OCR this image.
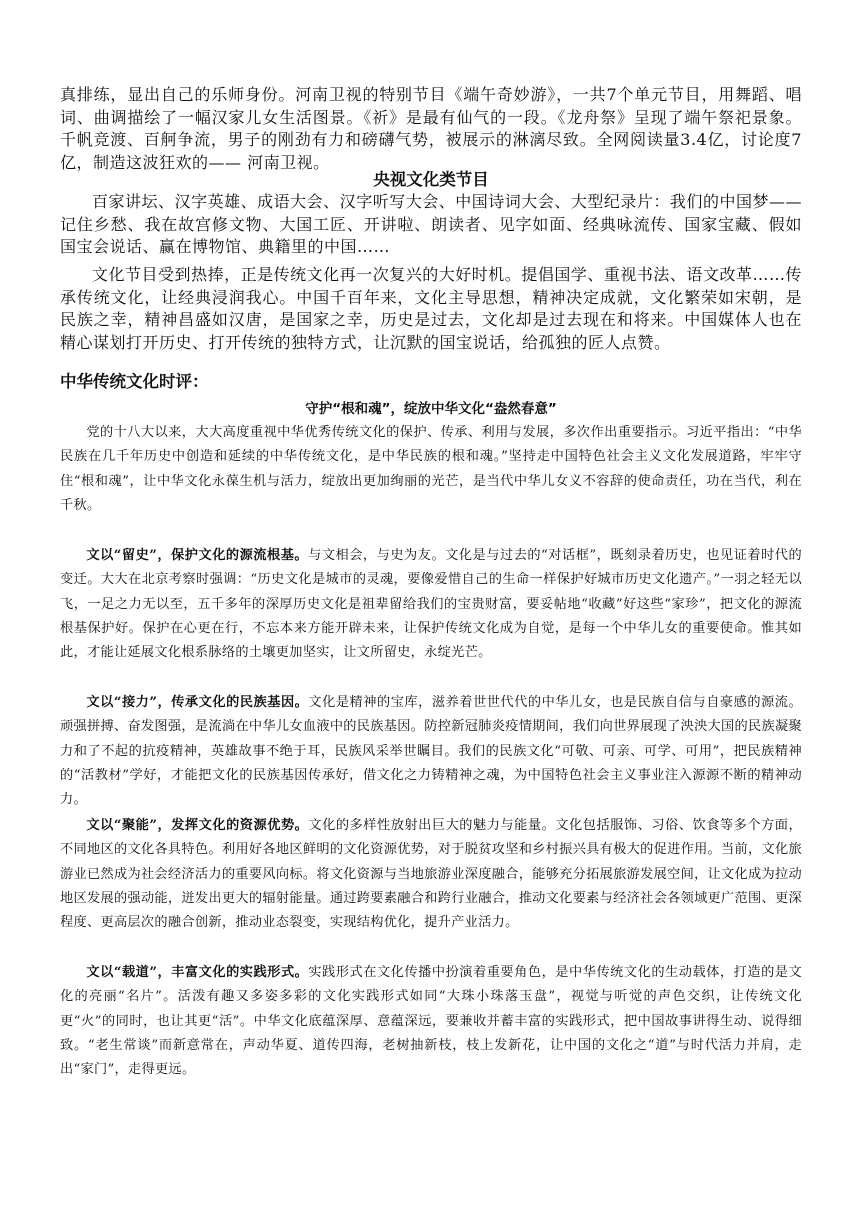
真排练，显出自己的乐师身份。河南卫视的特别节目《端午奇妙游》，一共7个单元节目，用舞蹈、唱词、曲调描绘了一幅汉家儿女生活图景。《祈》是最有仙气的一段。《龙舟祭》呈现了端午祭祀景象。千帆竞渡、百舸争流，男子的刚劲有力和磅礴气势，被展示的淋漓尽致。全网阅读量3.4亿，讨论度7亿，制造这波狂欢的—— 河南卫视。

央视文化类节目

百家讲坛、汉字英雄、成语大会、汉字听写大会、中国诗词大会、大型纪录片：我们的中国梦——记住乡愁、我在故宫修文物、大国工匠、开讲啦、朗读者、见字如面、经典咏流传、国家宝藏、假如国宝会说话、赢在博物馆、典籍里的中国……

文化节目受到热捧，正是传统文化再一次复兴的大好时机。提倡国学、重视书法、语文改革……传承传统文化，让经典浸润我心。中国千百年来，文化主导思想，精神决定成就，文化繁荣如宋朝，是民族之幸，精神昌盛如汉唐，是国家之幸，历史是过去，文化却是过去现在和将来。中国媒体人也在精心谋划打开历史、打开传统的独特方式，让沉默的国宝说话，给孤独的匠人点赞。

中华传统文化时评：
守护“根和魂”，绽放中华文化“盎然春意”

党的十八大以来，大大高度重视中华优秀传统文化的保护、传承、利用与发展，多次作出重要指示。习近平指出：“中华民族在几千年历史中创造和延续的中华传统文化，是中华民族的根和魂。”坚持走中国特色社会主义文化发展道路，牢牢守住“根和魂”，让中华文化永葆生机与活力，绽放出更加绚丽的光芒，是当代中华儿女义不容辞的使命责任，功在当代，利在千秋。

文以“留史”，保护文化的源流根基。与文相会，与史为友。文化是与过去的“对话框”，既刻录着历史，也见证着时代的变迁。大大在北京考察时强调：“历史文化是城市的灵魂，要像爱惜自己的生命一样保护好城市历史文化遗产。”一羽之轻无以飞，一足之力无以至，五千多年的深厚历史文化是祖辈留给我们的宝贵财富，要妥帖地“收藏”好这些“家珍”，把文化的源流根基保护好。保护在心更在行，不忘本来方能开辟未来，让保护传统文化成为自觉，是每一个中华儿女的重要使命。惟其如此，才能让延展文化根系脉络的土壤更加坚实，让文所留史，永绽光芒。

文以“接力”，传承文化的民族基因。文化是精神的宝库，滋养着世世代代的中华儿女，也是民族自信与自豪感的源流。顽强拼搏、奋发图强，是流淌在中华儿女血液中的民族基因。防控新冠肺炎疫情期间，我们向世界展现了泱泱大国的民族凝聚力和了不起的抗疫精神，英雄故事不绝于耳，民族风采举世瞩目。我们的民族文化“可敬、可亲、可学、可用”，把民族精神的“活教材”学好，才能把文化的民族基因传承好，借文化之力铸精神之魂，为中国特色社会主义事业注入源源不断的精神动力。

文以“聚能”，发挥文化的资源优势。文化的多样性放射出巨大的魅力与能量。文化包括服饰、习俗、饮食等多个方面，不同地区的文化各具特色。利用好各地区鲜明的文化资源优势，对于脱贫攻坚和乡村振兴具有极大的促进作用。当前，文化旅游业已然成为社会经济活力的重要风向标。将文化资源与当地旅游业深度融合，能够充分拓展旅游发展空间，让文化成为拉动地区发展的强动能，迸发出更大的辐射能量。通过跨要素融合和跨行业融合，推动文化要素与经济社会各领域更广范围、更深程度、更高层次的融合创新，推动业态裂变，实现结构优化，提升产业活力。

文以“载道”，丰富文化的实践形式。实践形式在文化传播中扮演着重要角色，是中华传统文化的生动载体，打造的是文化的亮丽“名片”。活泼有趣又多姿多彩的文化实践形式如同“大珠小珠落玉盘”，视觉与听觉的声色交织，让传统文化更“火”的同时，也让其更“活”。中华文化底蕴深厚、意蕴深远，要兼收并蓄丰富的实践形式，把中国故事讲得生动、说得细致。“老生常谈”而新意常在，声动华夏、道传四海，老树抽新枝，枝上发新花，让中国的文化之“道”与时代活力并肩，走出“家门”，走得更远。
